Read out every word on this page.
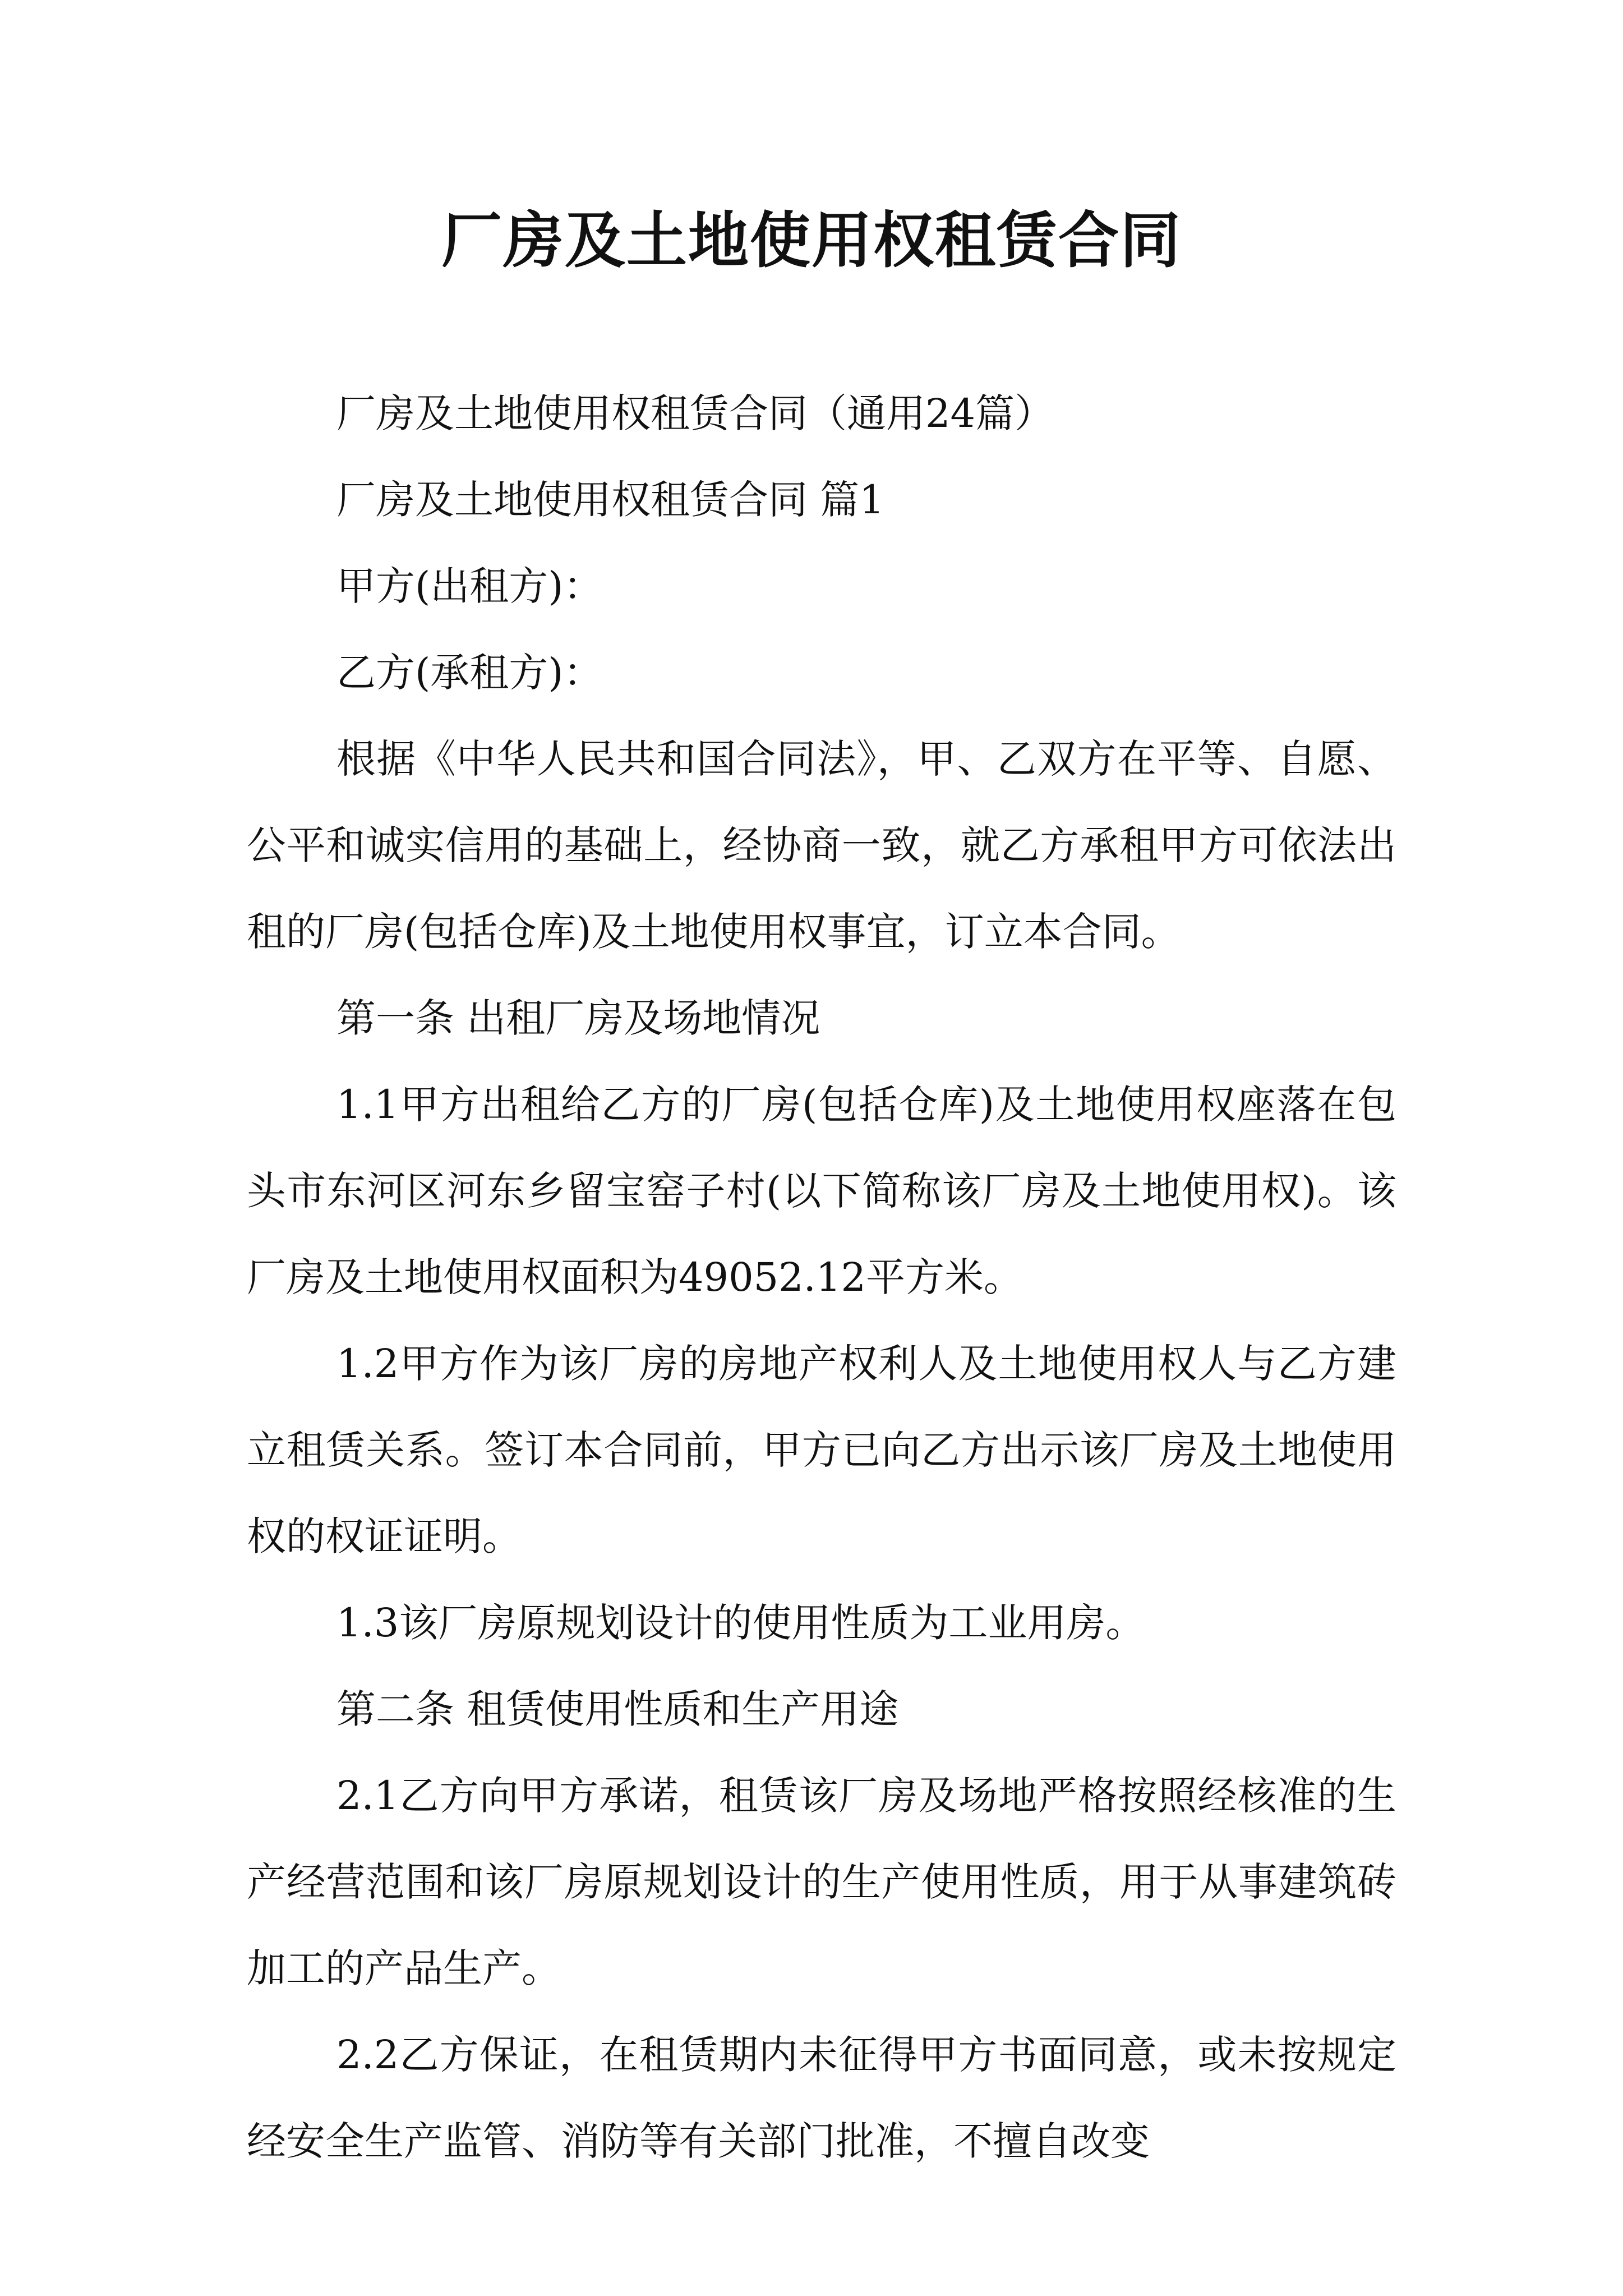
厂房及土地使用权租赁合同

厂房及土地使用权租赁合同（通用24篇）

厂房及土地使用权租赁合同 篇1

甲方(出租方)：

乙方(承租方)：

根据《中华人民共和国合同法》，甲、乙双方在平等、自愿、公平和诚实信用的基础上，经协商一致，就乙方承租甲方可依法出租的厂房(包括仓库)及土地使用权事宜，订立本合同。

第一条 出租厂房及场地情况

1.1甲方出租给乙方的厂房(包括仓库)及土地使用权座落在包头市东河区河东乡留宝窑子村(以下简称该厂房及土地使用权)。该厂房及土地使用权面积为49052.12平方米。

1.2甲方作为该厂房的房地产权利人及土地使用权人与乙方建立租赁关系。签订本合同前，甲方已向乙方出示该厂房及土地使用权的权证证明。

1.3该厂房原规划设计的使用性质为工业用房。

第二条 租赁使用性质和生产用途

2.1乙方向甲方承诺，租赁该厂房及场地严格按照经核准的生产经营范围和该厂房原规划设计的生产使用性质，用于从事建筑砖加工的产品生产。

2.2乙方保证，在租赁期内未征得甲方书面同意，或未按规定经安全生产监管、消防等有关部门批准，不擅自改变
